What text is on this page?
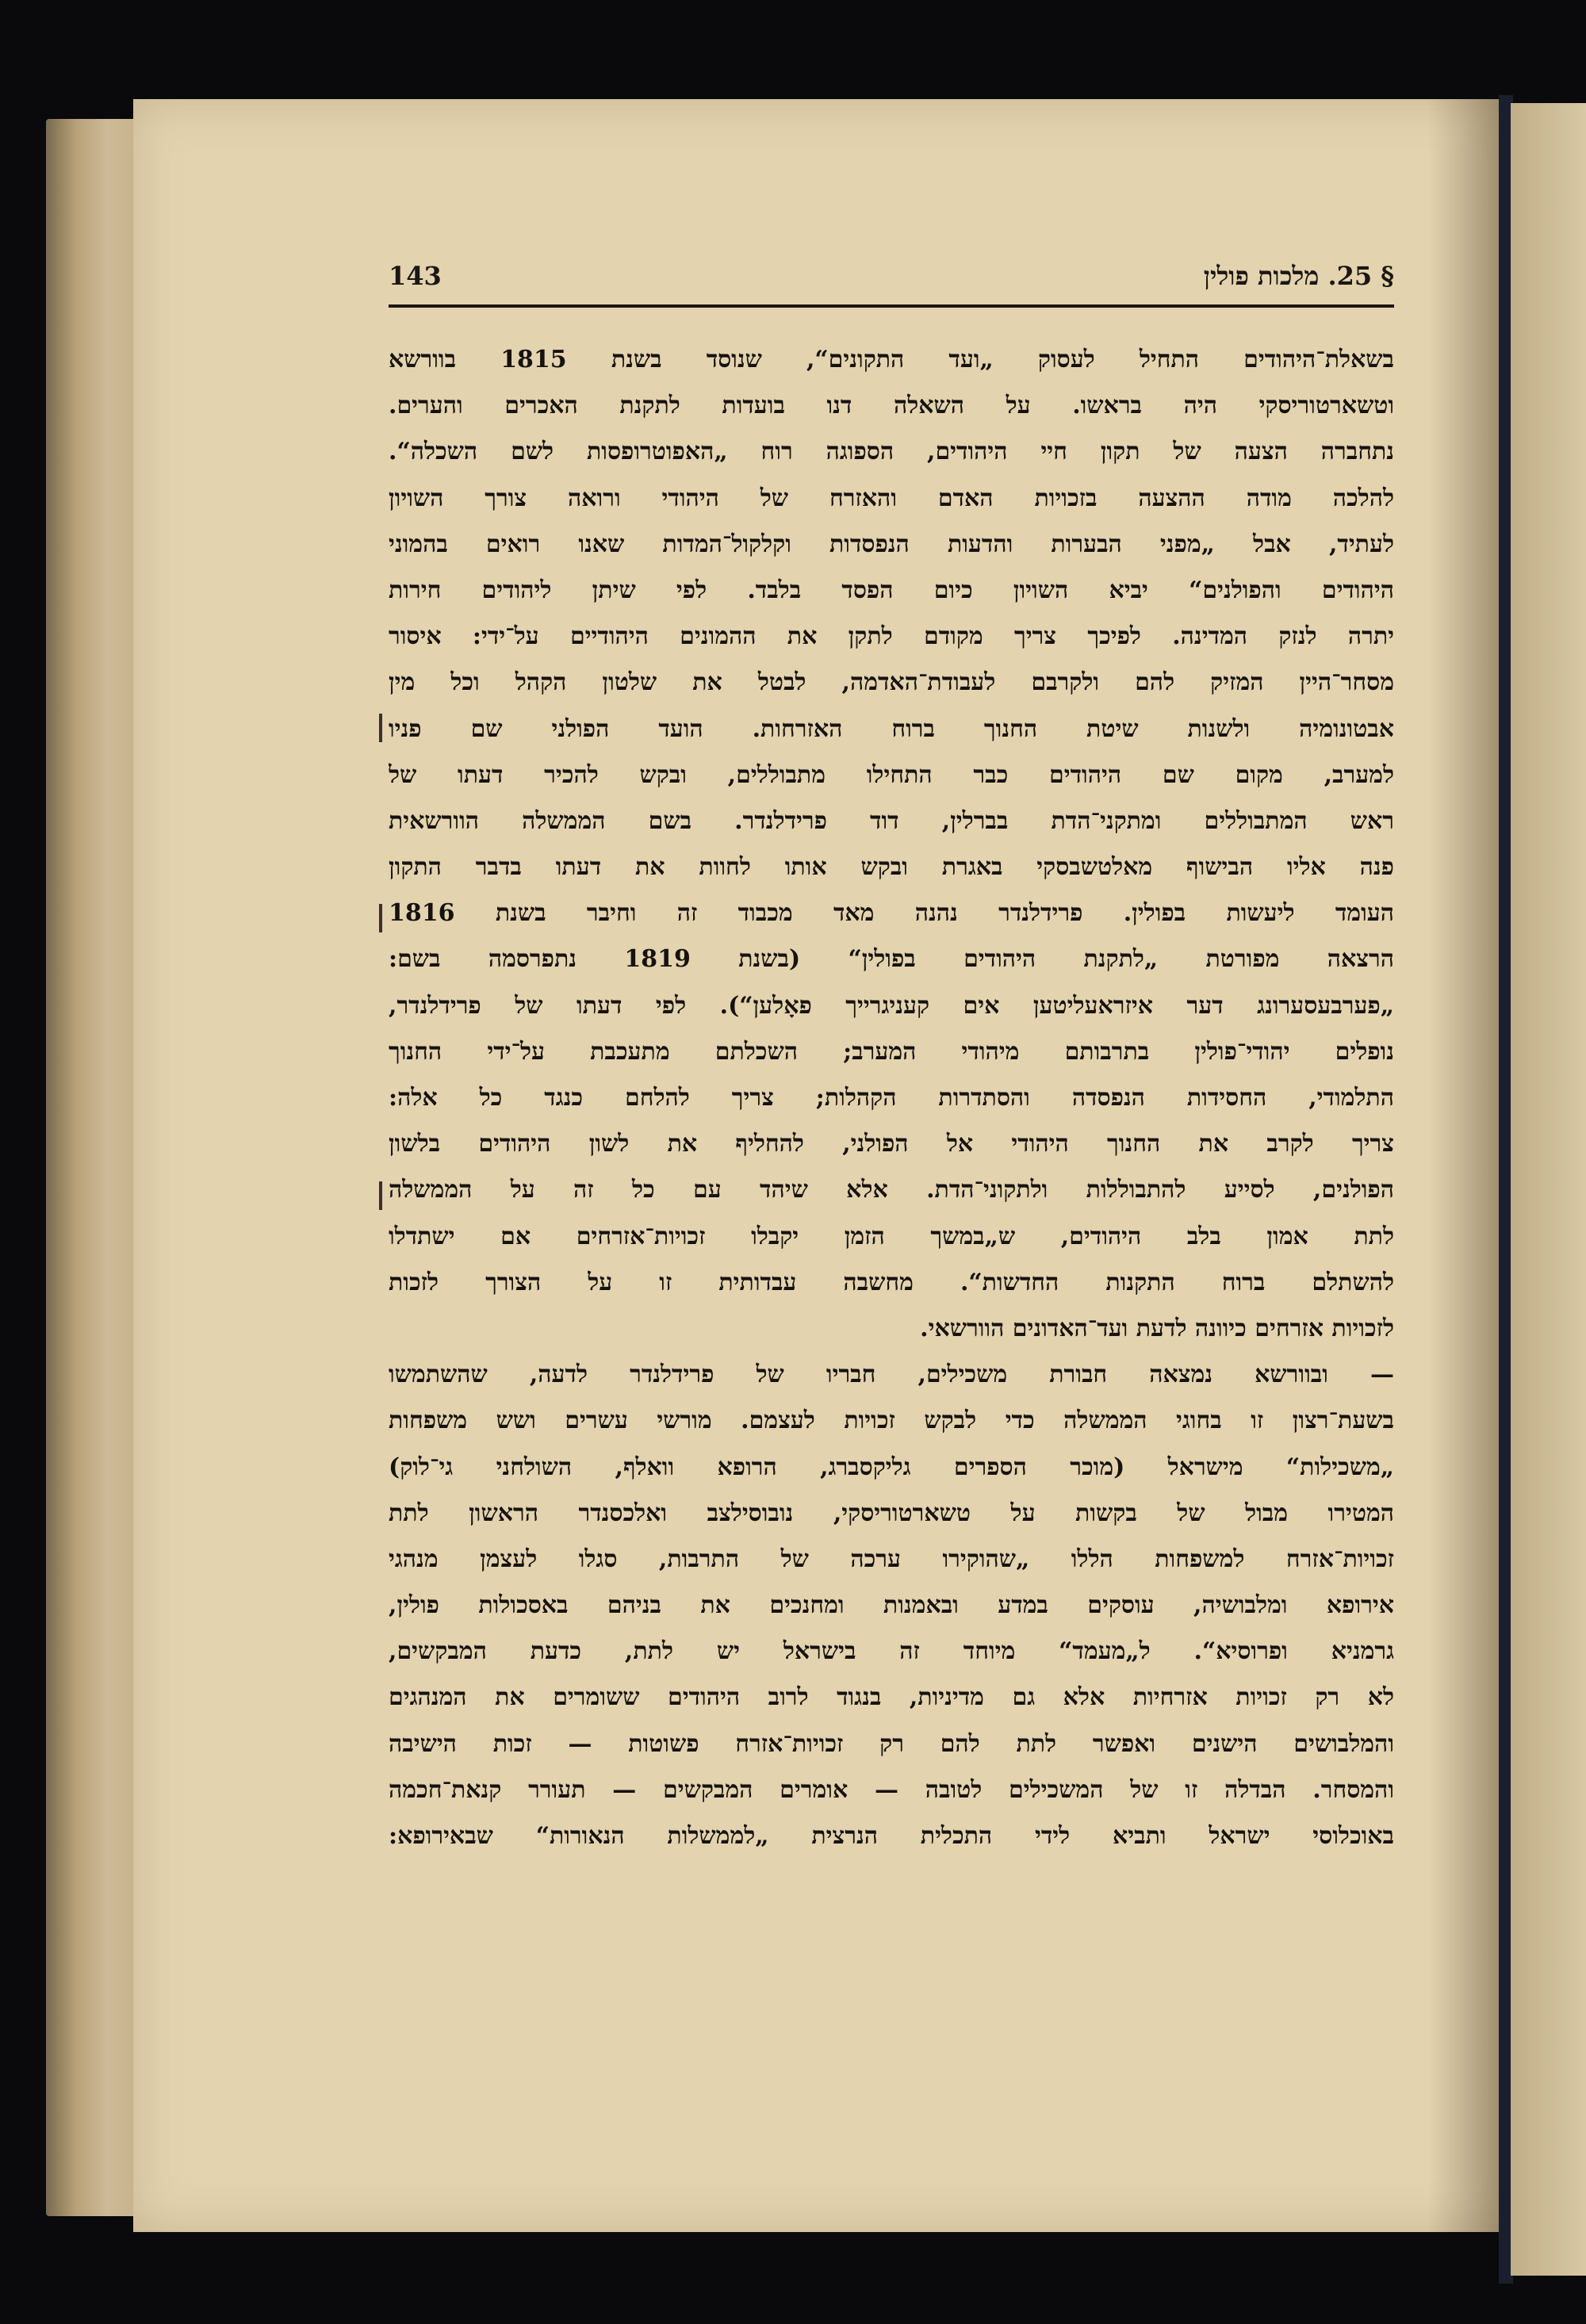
143	§ 25. מלכות פולין
בשאלת־היהודים התחיל לעסוק „ועד התקונים“, שנוסד בשנת 1815 בוורשא
וטשארטוריסקי היה בראשו. על השאלה דנו בועדות לתקנת האכרים והערים.
נתחברה הצעה של תקון חיי היהודים, הספוגה רוח „האפוטרופסות לשם השכלה“.
להלכה מודה ההצעה בזכויות האדם והאזרח של היהודי ורואה צורך השויון
לעתיד, אבל „מפני הבערות והדעות הנפסדות וקלקול־המדות שאנו רואים בהמוני
היהודים והפולנים“ יביא השויון כיום הפסד בלבד. לפי שיתן ליהודים חירות
יתרה לנזק המדינה. לפיכך צריך מקודם לתקן את ההמונים היהודיים על־ידי: איסור
מסחר־היין המזיק להם ולקרבם לעבודת־האדמה, לבטל את שלטון הקהל וכל מין
אבטונומיה ולשנות שיטת החנוך ברוח האזרחות. הועד הפולני שם פניו
למערב, מקום שם היהודים כבר התחילו מתבוללים, ובקש להכיר דעתו של
ראש המתבוללים ומתקני־הדת בברלין, דוד פרידלנדר. בשם הממשלה הוורשאית
פנה אליו הבישוף מאלטשבסקי באגרת ובקש אותו לחוות את דעתו בדבר התקון
העומד ליעשות בפולין. פרידלנדר נהנה מאד מכבוד זה וחיבר בשנת 1816
הרצאה מפורטת „לתקנת היהודים בפולין“ (בשנת 1819 נתפרסמה בשם:
„פערבעסערונג דער איזראעליטען אים קעניגרייך פאָלען“). לפי דעתו של פרידלנדר,
נופלים יהודי־פולין בתרבותם מיהודי המערב; השכלתם מתעכבת על־ידי החנוך
התלמודי, החסידות הנפסדה והסתדרות הקהלות; צריך להלחם כנגד כל אלה:
צריך לקרב את החנוך היהודי אל הפולני, להחליף את לשון היהודים בלשון
הפולנים, לסייע להתבוללות ולתקוני־הדת. אלא שיהד עם כל זה על הממשלה
לתת אמון בלב היהודים, ש„במשך הזמן יקבלו זכויות־אזרחים אם ישתדלו
להשתלם ברוח התקנות החדשות“. מחשבה עבדותית זו על הצורך לזכות
לזכויות אזרחים כיוונה לדעת ועד־האדונים הוורשאי.
— ובוורשא נמצאה חבורת משכילים, חבריו של פרידלנדר לדעה, שהשתמשו
בשעת־רצון זו בחוגי הממשלה כדי לבקש זכויות לעצמם. מורשי עשרים ושש משפחות
„משכילות“ מישראל (מוכר הספרים גליקסברג, הרופא וואלף, השולחני גי־לוק)
המטירו מבול של בקשות על טשארטוריסקי, נובוסילצב ואלכסנדר הראשון לתת
זכויות־אזרח למשפחות הללו „שהוקירו ערכה של התרבות, סגלו לעצמן מנהגי
אירופא ומלבושיה, עוסקים במדע ובאמנות ומחנכים את בניהם באסכולות פולין,
גרמניא ופרוסיא“. ל„מעמד“ מיוחד זה בישראל יש לתת, כדעת המבקשים,
לא רק זכויות אזרחיות אלא גם מדיניות, בנגוד לרוב היהודים ששומרים את המנהגים
והמלבושים הישנים ואפשר לתת להם רק זכויות־אזרח פשוטות — זכות הישיבה
והמסחר. הבדלה זו של המשכילים לטובה — אומרים המבקשים — תעורר קנאת־חכמה
באוכלוסי ישראל ותביא לידי התכלית הנרצית „לממשלות הנאורות“ שבאירופא:
